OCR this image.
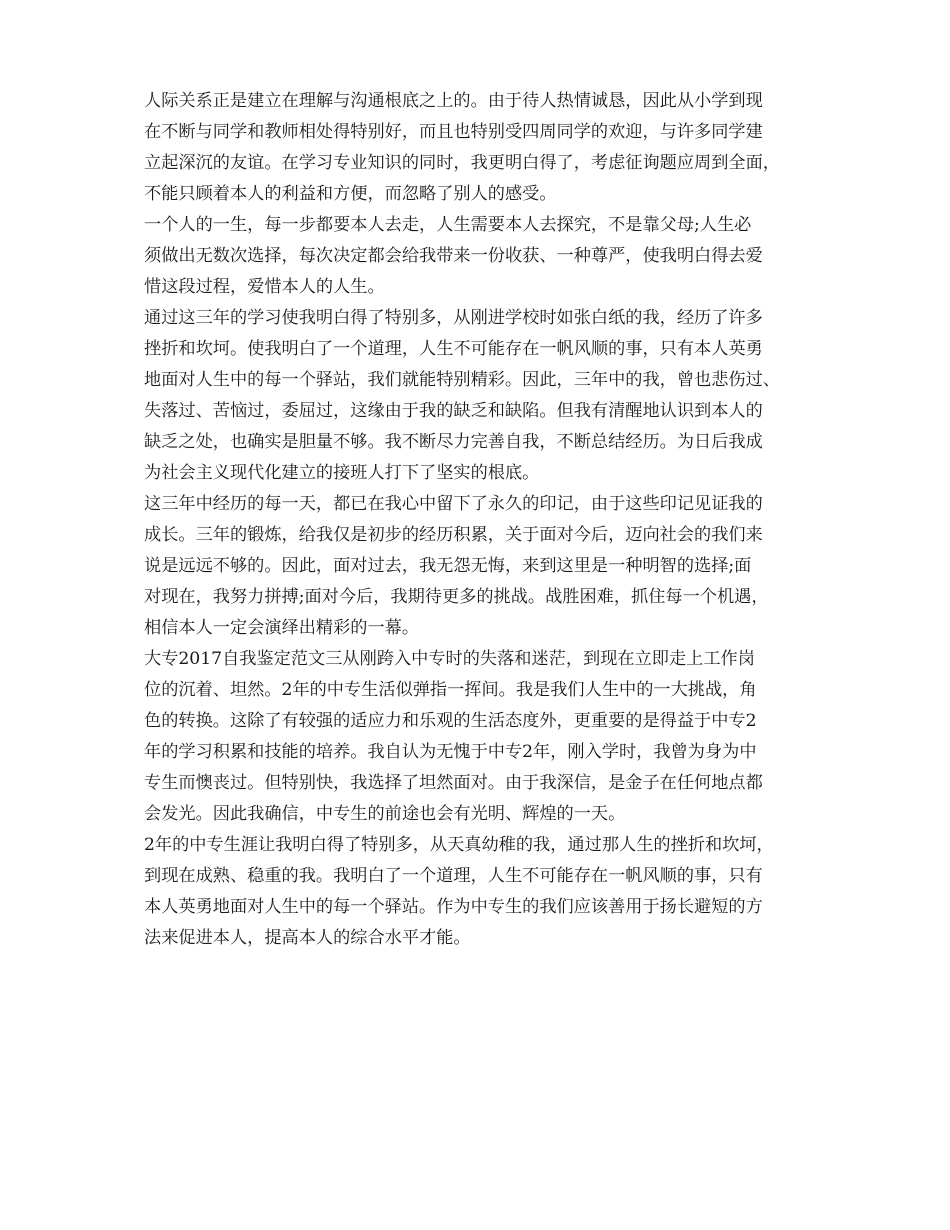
人际关系正是建立在理解与沟通根底之上的。由于待人热情诚恳，因此从小学到现
在不断与同学和教师相处得特别好，而且也特别受四周同学的欢迎，与许多同学建
立起深沉的友谊。在学习专业知识的同时，我更明白得了，考虑征询题应周到全面，
不能只顾着本人的利益和方便，而忽略了别人的感受。
一个人的一生，每一步都要本人去走，人生需要本人去探究，不是靠父母;人生必
须做出无数次选择，每次决定都会给我带来一份收获、一种尊严，使我明白得去爱
惜这段过程，爱惜本人的人生。
通过这三年的学习使我明白得了特别多，从刚进学校时如张白纸的我，经历了许多
挫折和坎坷。使我明白了一个道理，人生不可能存在一帆风顺的事，只有本人英勇
地面对人生中的每一个驿站，我们就能特别精彩。因此，三年中的我，曾也悲伤过、
失落过、苦恼过，委屈过，这缘由于我的缺乏和缺陷。但我有清醒地认识到本人的
缺乏之处，也确实是胆量不够。我不断尽力完善自我，不断总结经历。为日后我成
为社会主义现代化建立的接班人打下了坚实的根底。
这三年中经历的每一天，都已在我心中留下了永久的印记，由于这些印记见证我的
成长。三年的锻炼，给我仅是初步的经历积累，关于面对今后，迈向社会的我们来
说是远远不够的。因此，面对过去，我无怨无悔，来到这里是一种明智的选择;面
对现在，我努力拼搏;面对今后，我期待更多的挑战。战胜困难，抓住每一个机遇，
相信本人一定会演绎出精彩的一幕。
大专2017自我鉴定范文三从刚跨入中专时的失落和迷茫，到现在立即走上工作岗
位的沉着、坦然。2年的中专生活似弹指一挥间。我是我们人生中的一大挑战，角
色的转换。这除了有较强的适应力和乐观的生活态度外，更重要的是得益于中专2
年的学习积累和技能的培养。我自认为无愧于中专2年，刚入学时，我曾为身为中
专生而懊丧过。但特别快，我选择了坦然面对。由于我深信，是金子在任何地点都
会发光。因此我确信，中专生的前途也会有光明、辉煌的一天。
2年的中专生涯让我明白得了特别多，从天真幼稚的我，通过那人生的挫折和坎坷，
到现在成熟、稳重的我。我明白了一个道理，人生不可能存在一帆风顺的事，只有
本人英勇地面对人生中的每一个驿站。作为中专生的我们应该善用于扬长避短的方
法来促进本人，提高本人的综合水平才能。
